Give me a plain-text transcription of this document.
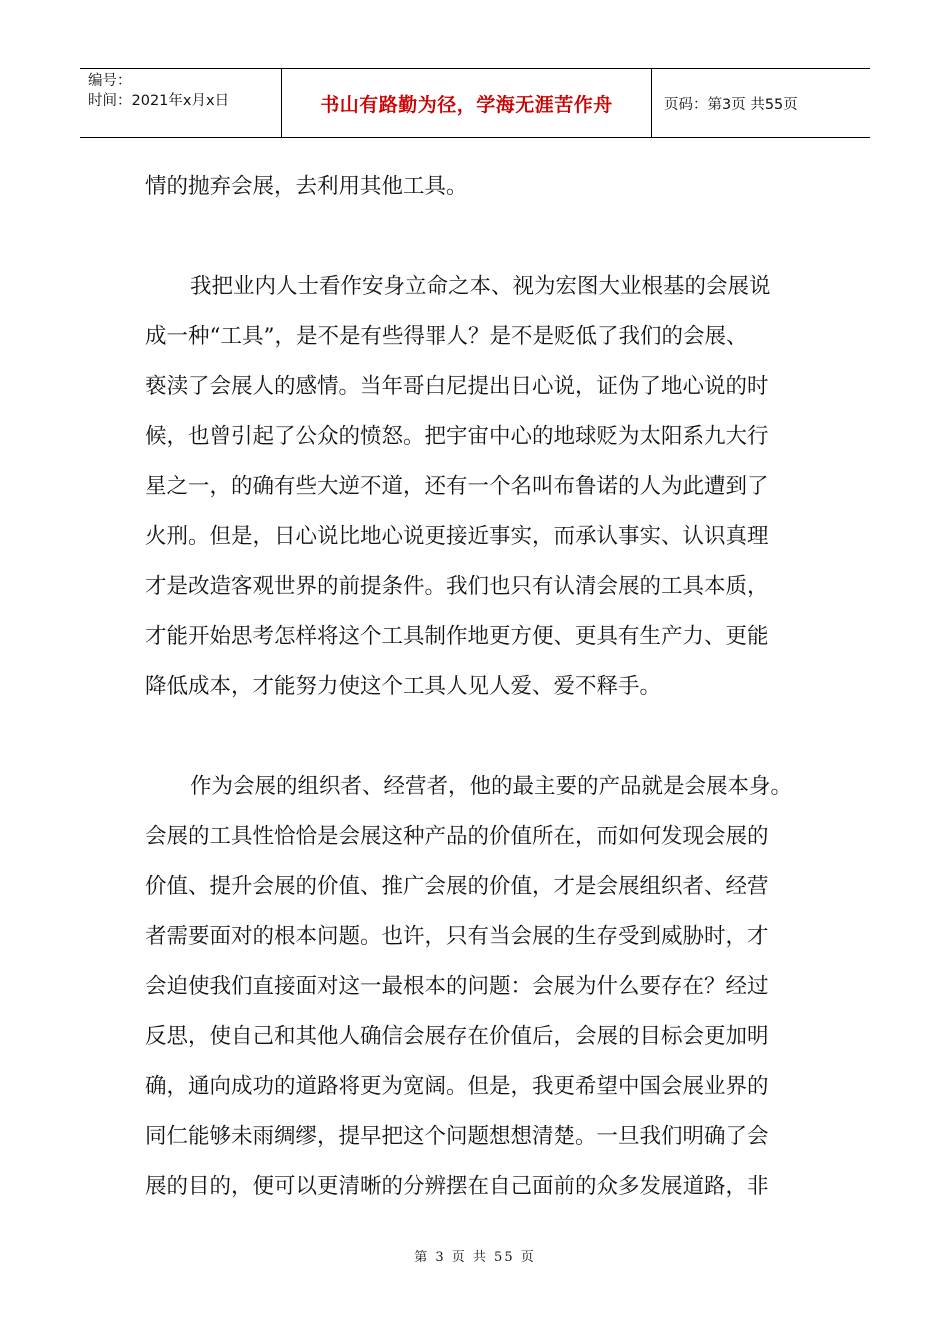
编号：
时间：2021年x月x日	书山有路勤为径，学海无涯苦作舟	页码：第3页 共55页
情的抛弃会展，去利用其他工具。
我把业内人士看作安身立命之本、视为宏图大业根基的会展说
成一种“工具”，是不是有些得罪人？是不是贬低了我们的会展、
亵渎了会展人的感情。当年哥白尼提出日心说，证伪了地心说的时
候，也曾引起了公众的愤怒。把宇宙中心的地球贬为太阳系九大行
星之一，的确有些大逆不道，还有一个名叫布鲁诺的人为此遭到了
火刑。但是，日心说比地心说更接近事实，而承认事实、认识真理
才是改造客观世界的前提条件。我们也只有认清会展的工具本质，
才能开始思考怎样将这个工具制作地更方便、更具有生产力、更能
降低成本，才能努力使这个工具人见人爱、爱不释手。
作为会展的组织者、经营者，他的最主要的产品就是会展本身。
会展的工具性恰恰是会展这种产品的价值所在，而如何发现会展的
价值、提升会展的价值、推广会展的价值，才是会展组织者、经营
者需要面对的根本问题。也许，只有当会展的生存受到威胁时，才
会迫使我们直接面对这一最根本的问题：会展为什么要存在？经过
反思，使自己和其他人确信会展存在价值后，会展的目标会更加明
确，通向成功的道路将更为宽阔。但是，我更希望中国会展业界的
同仁能够未雨绸缪，提早把这个问题想想清楚。一旦我们明确了会
展的目的，便可以更清晰的分辨摆在自己面前的众多发展道路，非
第 3 页 共 55 页
